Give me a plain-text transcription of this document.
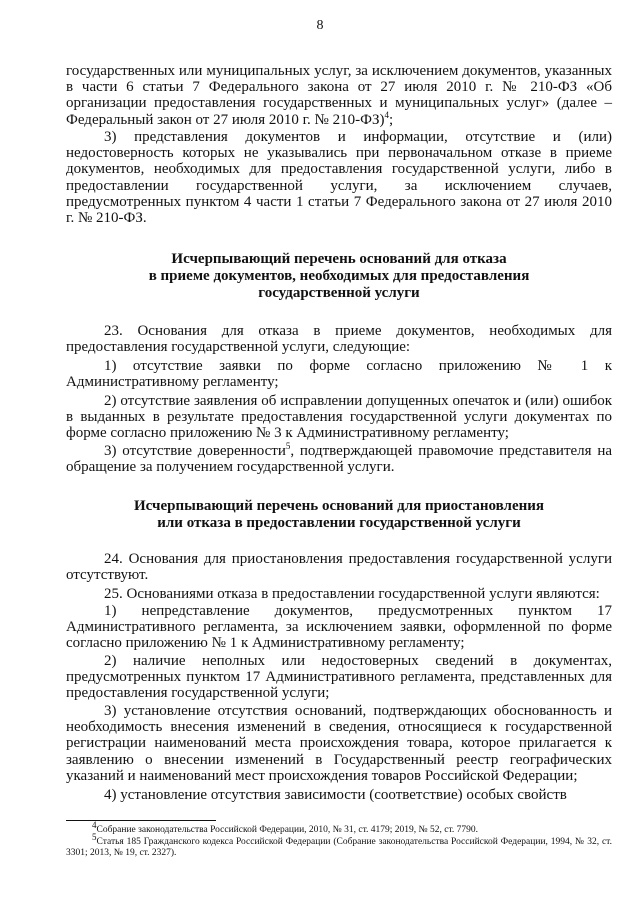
8

государственных или муниципальных услуг, за исключением документов, указанных в части 6 статьи 7 Федерального закона от 27 июля 2010 г. № 210-ФЗ «Об организации предоставления государственных и муниципальных услуг» (далее – Федеральный закон от 27 июля 2010 г. № 210-ФЗ)$^4$;

3) представления документов и информации, отсутствие и (или) недостоверность которых не указывались при первоначальном отказе в приеме документов, необходимых для предоставления государственной услуги, либо в предоставлении государственной услуги, за исключением случаев, предусмотренных пунктом 4 части 1 статьи 7 Федерального закона от 27 июля 2010 г. № 210-ФЗ.

Исчерпывающий перечень оснований для отказа
в приеме документов, необходимых для предоставления
государственной услуги

23. Основания для отказа в приеме документов, необходимых для предоставления государственной услуги, следующие:

1) отсутствие заявки по форме согласно приложению № 1 к Административному регламенту;

2) отсутствие заявления об исправлении допущенных опечаток и (или) ошибок в выданных в результате предоставления государственной услуги документах по форме согласно приложению № 3 к Административному регламенту;

3) отсутствие доверенности$^5$, подтверждающей правомочие представителя на обращение за получением государственной услуги.

Исчерпывающий перечень оснований для приостановления
или отказа в предоставлении государственной услуги

24. Основания для приостановления предоставления государственной услуги отсутствуют.

25. Основаниями отказа в предоставлении государственной услуги являются:

1) непредставление документов, предусмотренных пунктом 17 Административного регламента, за исключением заявки, оформленной по форме согласно приложению № 1 к Административному регламенту;

2) наличие неполных или недостоверных сведений в документах, предусмотренных пунктом 17 Административного регламента, представленных для предоставления государственной услуги;

3) установление отсутствия оснований, подтверждающих обоснованность и необходимость внесения изменений в сведения, относящиеся к государственной регистрации наименований места происхождения товара, которое прилагается к заявлению о внесении изменений в Государственный реестр географических указаний и наименований мест происхождения товаров Российской Федерации;

4) установление отсутствия зависимости (соответствие) особых свойств

$^4$Собрание законодательства Российской Федерации, 2010, № 31, ст. 4179; 2019, № 52, ст. 7790.

$^5$Статья 185 Гражданского кодекса Российской Федерации (Собрание законодательства Российской Федерации, 1994, № 32, ст. 3301; 2013, № 19, ст. 2327).
